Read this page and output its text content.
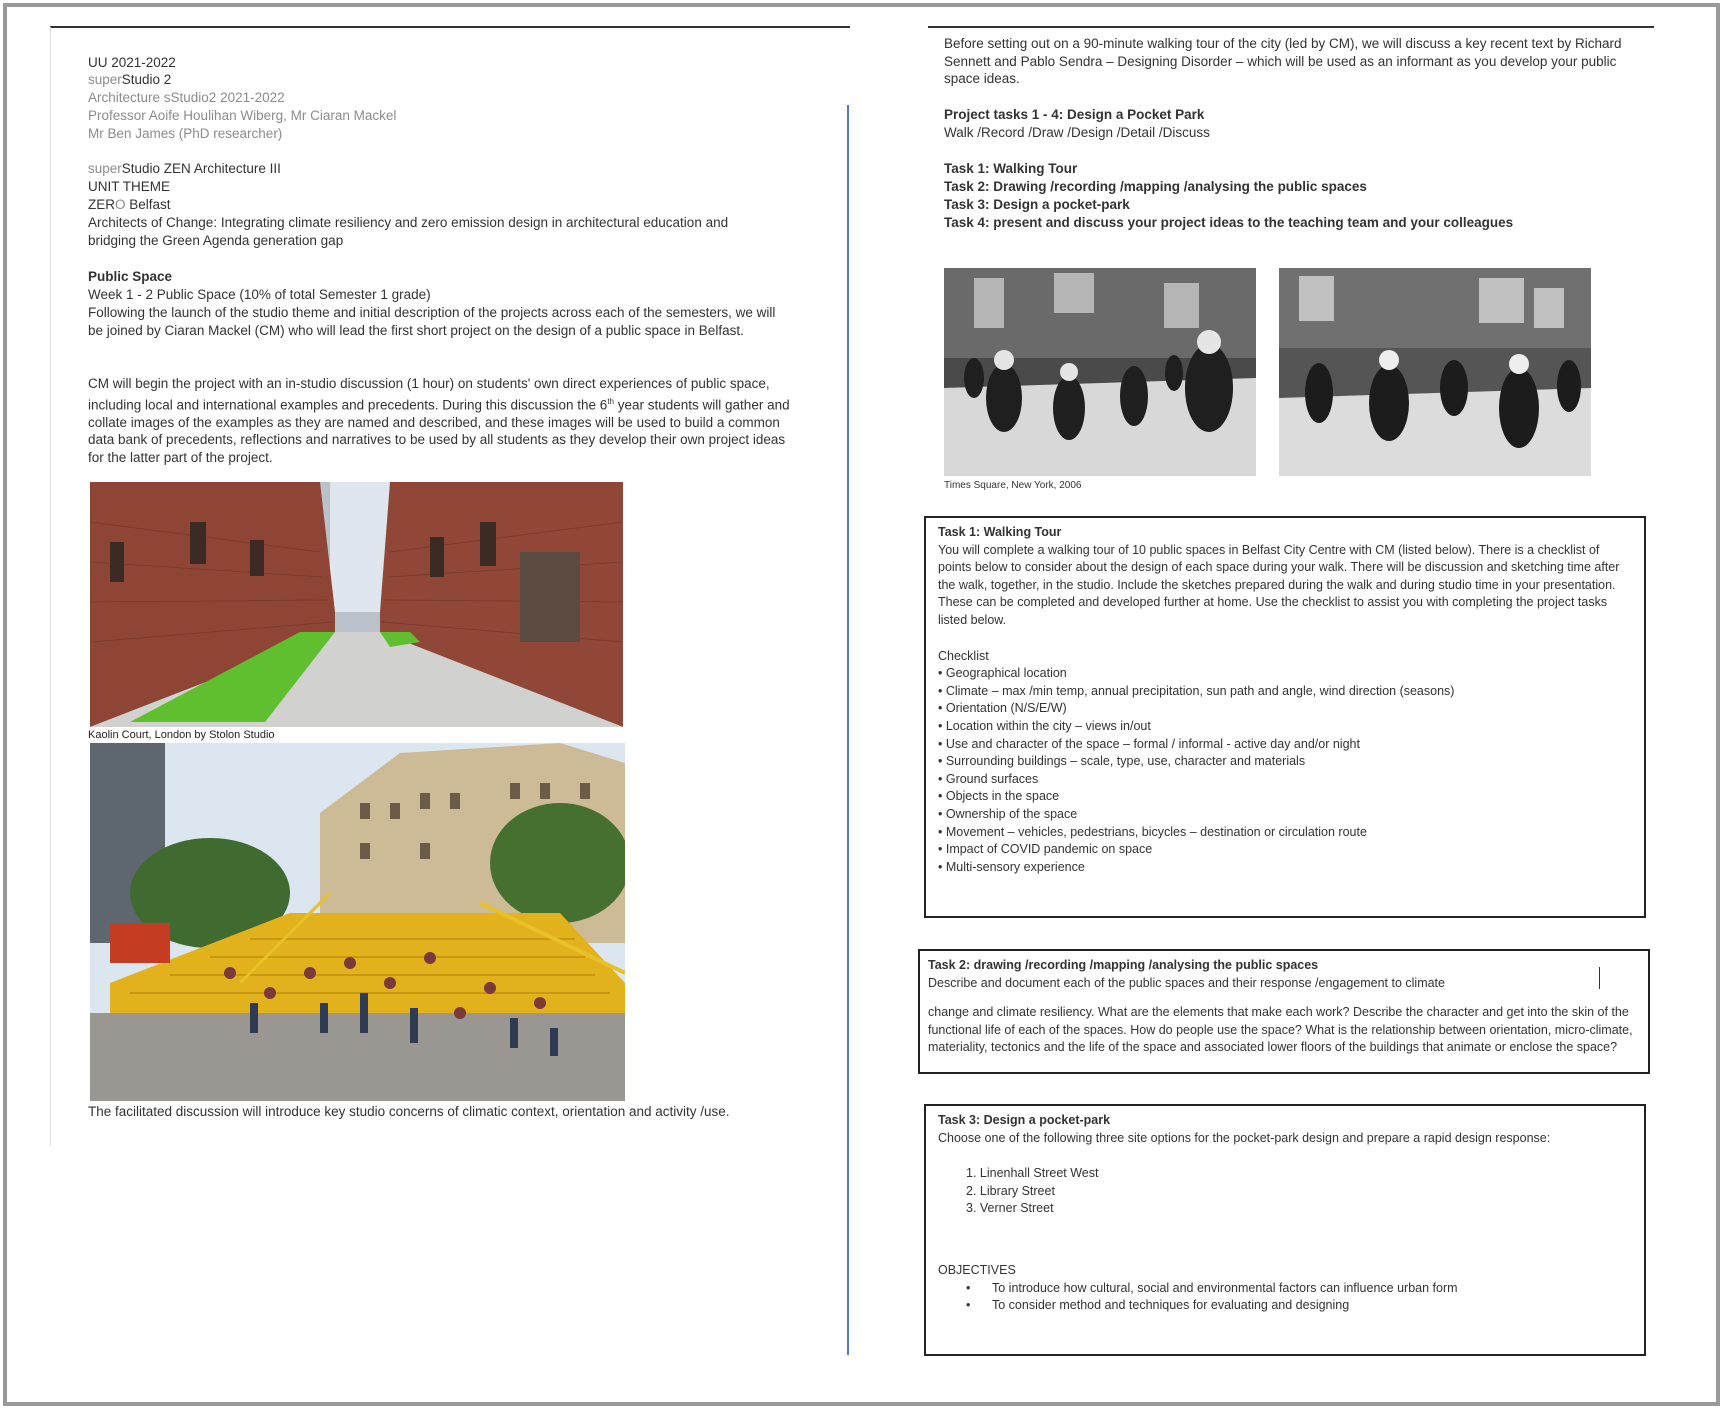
UU 2021-2022
superStudio 2
Architecture sStudio2 2021-2022
Professor Aoife Houlihan Wiberg, Mr Ciaran Mackel
Mr Ben James (PhD researcher)
superStudio ZEN Architecture III
UNIT THEME
ZERO Belfast
Architects of Change: Integrating climate resiliency and zero emission design in architectural education and bridging the Green Agenda generation gap
Public Space
Week 1 - 2 Public Space (10% of total Semester 1 grade)
Following the launch of the studio theme and initial description of the projects across each of the semesters, we will be joined by Ciaran Mackel (CM) who will lead the first short project on the design of a public space in Belfast.
CM will begin the project with an in-studio discussion (1 hour) on students' own direct experiences of public space, including local and international examples and precedents. During this discussion the 6th year students will gather and collate images of the examples as they are named and described, and these images will be used to build a common data bank of precedents, reflections and narratives to be used by all students as they develop their own project ideas for the latter part of the project.
Kaolin Court, London by Stolon Studio
The facilitated discussion will introduce key studio concerns of climatic context, orientation and activity /use.
Before setting out on a 90-minute walking tour of the city (led by CM), we will discuss a key recent text by Richard Sennett and Pablo Sendra – Designing Disorder – which will be used as an informant as you develop your public space ideas.
Project tasks 1 - 4: Design a Pocket Park
Walk /Record /Draw /Design /Detail /Discuss
Task 1: Walking Tour
Task 2: Drawing /recording /mapping /analysing the public spaces
Task 3: Design a pocket-park
Task 4: present and discuss your project ideas to the teaching team and your colleagues
Times Square, New York, 2006

Task 1: Walking Tour

You will complete a walking tour of 10 public spaces in Belfast City Centre with CM (listed below). There is a checklist of points below to consider about the design of each space during your walk. There will be discussion and sketching time after the walk, together, in the studio. Include the sketches prepared during the walk and during studio time in your presentation. These can be completed and developed further at home. Use the checklist to assist you with completing the project tasks listed below.

Checklist

• Geographical location

• Climate – max /min temp, annual precipitation, sun path and angle, wind direction (seasons)

• Orientation (N/S/E/W)

• Location within the city – views in/out

• Use and character of the space – formal / informal - active day and/or night

• Surrounding buildings – scale, type, use, character and materials

• Ground surfaces

• Objects in the space

• Ownership of the space

• Movement – vehicles, pedestrians, bicycles – destination or circulation route

• Impact of COVID pandemic on space

• Multi-sensory experience

Task 2: drawing /recording /mapping /analysing the public spaces

Describe and document each of the public spaces and their response /engagement to climate

change and climate resiliency. What are the elements that make each work? Describe the character and get into the skin of the functional life of each of the spaces. How do people use the space? What is the relationship between orientation, micro-climate, materiality, tectonics and the life of the space and associated lower floors of the buildings that animate or enclose the space?

Task 3: Design a pocket-park

Choose one of the following three site options for the pocket-park design and prepare a rapid design response:

1. Linenhall Street West

2. Library Street

3. Verner Street

OBJECTIVES

• To introduce how cultural, social and environmental factors can influence urban form

• To consider method and techniques for evaluating and designing
